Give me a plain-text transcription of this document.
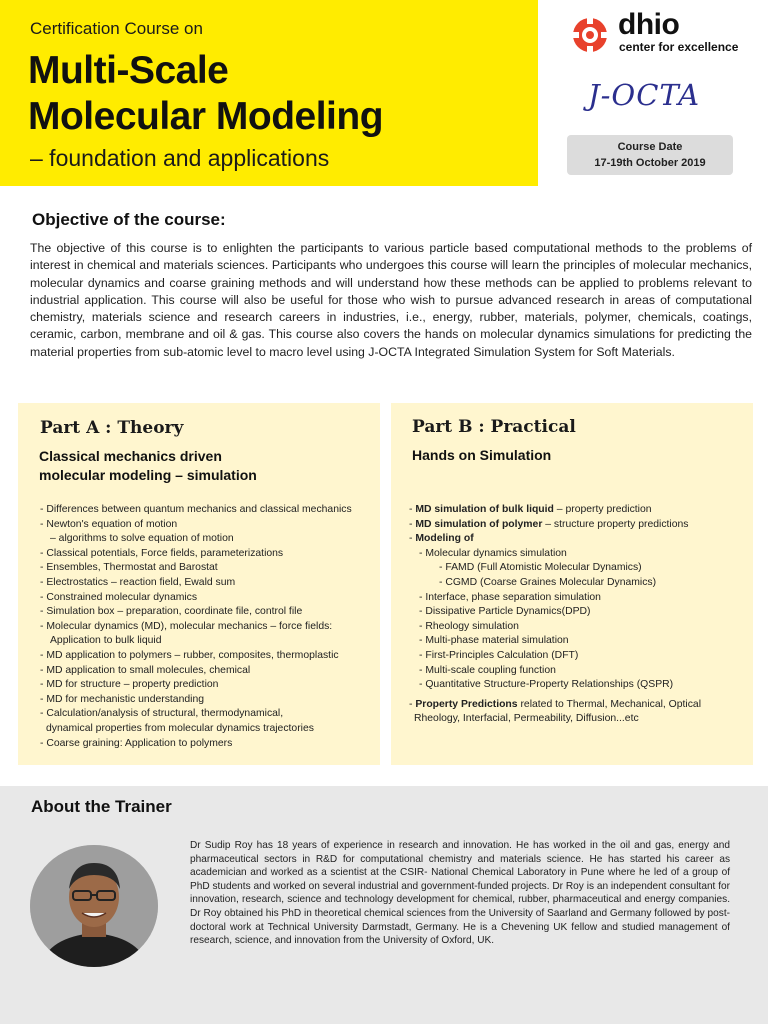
Certification Course on
Multi-Scale
Molecular Modeling
– foundation and applications
dhio
center for excellence
J-OCTA
Course Date
17-19th October 2019
Objective of the course:

The objective of this course is to enlighten the participants to various particle based computational methods to the problems of interest in chemical and materials sciences. Participants who undergoes this course will learn the principles of molecular mechanics, molecular dynamics and coarse graining methods and will understand how these methods can be applied to problems relevant to industrial application. This course will also be useful for those who wish to pursue advanced research in areas of computational chemistry, materials science and research careers in industries, i.e., energy, rubber, materials, polymer, chemicals, coatings, ceramic, carbon, membrane and oil & gas. This course also covers the hands on molecular dynamics simulations for predicting the material properties from sub-atomic level to macro level using J-OCTA Integrated Simulation System for Soft Materials.

Part A : Theory
Classical mechanics driven
molecular modeling – simulation
- Differences between quantum mechanics and classical mechanics
- Newton's equation of motion
– algorithms to solve equation of motion
- Classical potentials, Force fields, parameterizations
- Ensembles, Thermostat and Barostat
- Electrostatics – reaction field, Ewald sum
- Constrained molecular dynamics
- Simulation box – preparation, coordinate file, control file
- Molecular dynamics (MD), molecular mechanics – force fields:
Application to bulk liquid
- MD application to polymers – rubber, composites, thermoplastic
- MD application to small molecules, chemical
- MD for structure – property prediction
- MD for mechanistic understanding
- Calculation/analysis of structural, thermodynamical,
dynamical properties from molecular dynamics trajectories
- Coarse graining: Application to polymers
Part B : Practical
Hands on Simulation
- MD simulation of bulk liquid – property prediction
- MD simulation of polymer – structure property predictions
- Modeling of
- Molecular dynamics simulation
- FAMD (Full Atomistic Molecular Dynamics)
- CGMD (Coarse Graines Molecular Dynamics)
- Interface, phase separation simulation
- Dissipative Particle Dynamics(DPD)
- Rheology simulation
- Multi-phase material simulation
- First-Principles Calculation (DFT)
- Multi-scale coupling function
- Quantitative Structure-Property Relationships (QSPR)
- Property Predictions related to Thermal, Mechanical, Optical
Rheology, Interfacial, Permeability, Diffusion...etc
About the Trainer

Dr Sudip Roy has 18 years of experience in research and innovation. He has worked in the oil and gas, energy and pharmaceutical sectors in R&D for computational chemistry and materials science. He has started his career as academician and worked as a scientist at the CSIR- National Chemical Laboratory in Pune where he led of a group of PhD students and worked on several industrial and government-funded projects. Dr Roy is an independent consultant for innovation, research, science and technology development for chemical, rubber, pharmaceutical and energy companies. Dr Roy obtained his PhD in theoretical chemical sciences from the University of Saarland and Germany followed by post-doctoral work at Technical University Darmstadt, Germany. He is a Chevening UK fellow and studied management of research, science, and innovation from the University of Oxford, UK.
